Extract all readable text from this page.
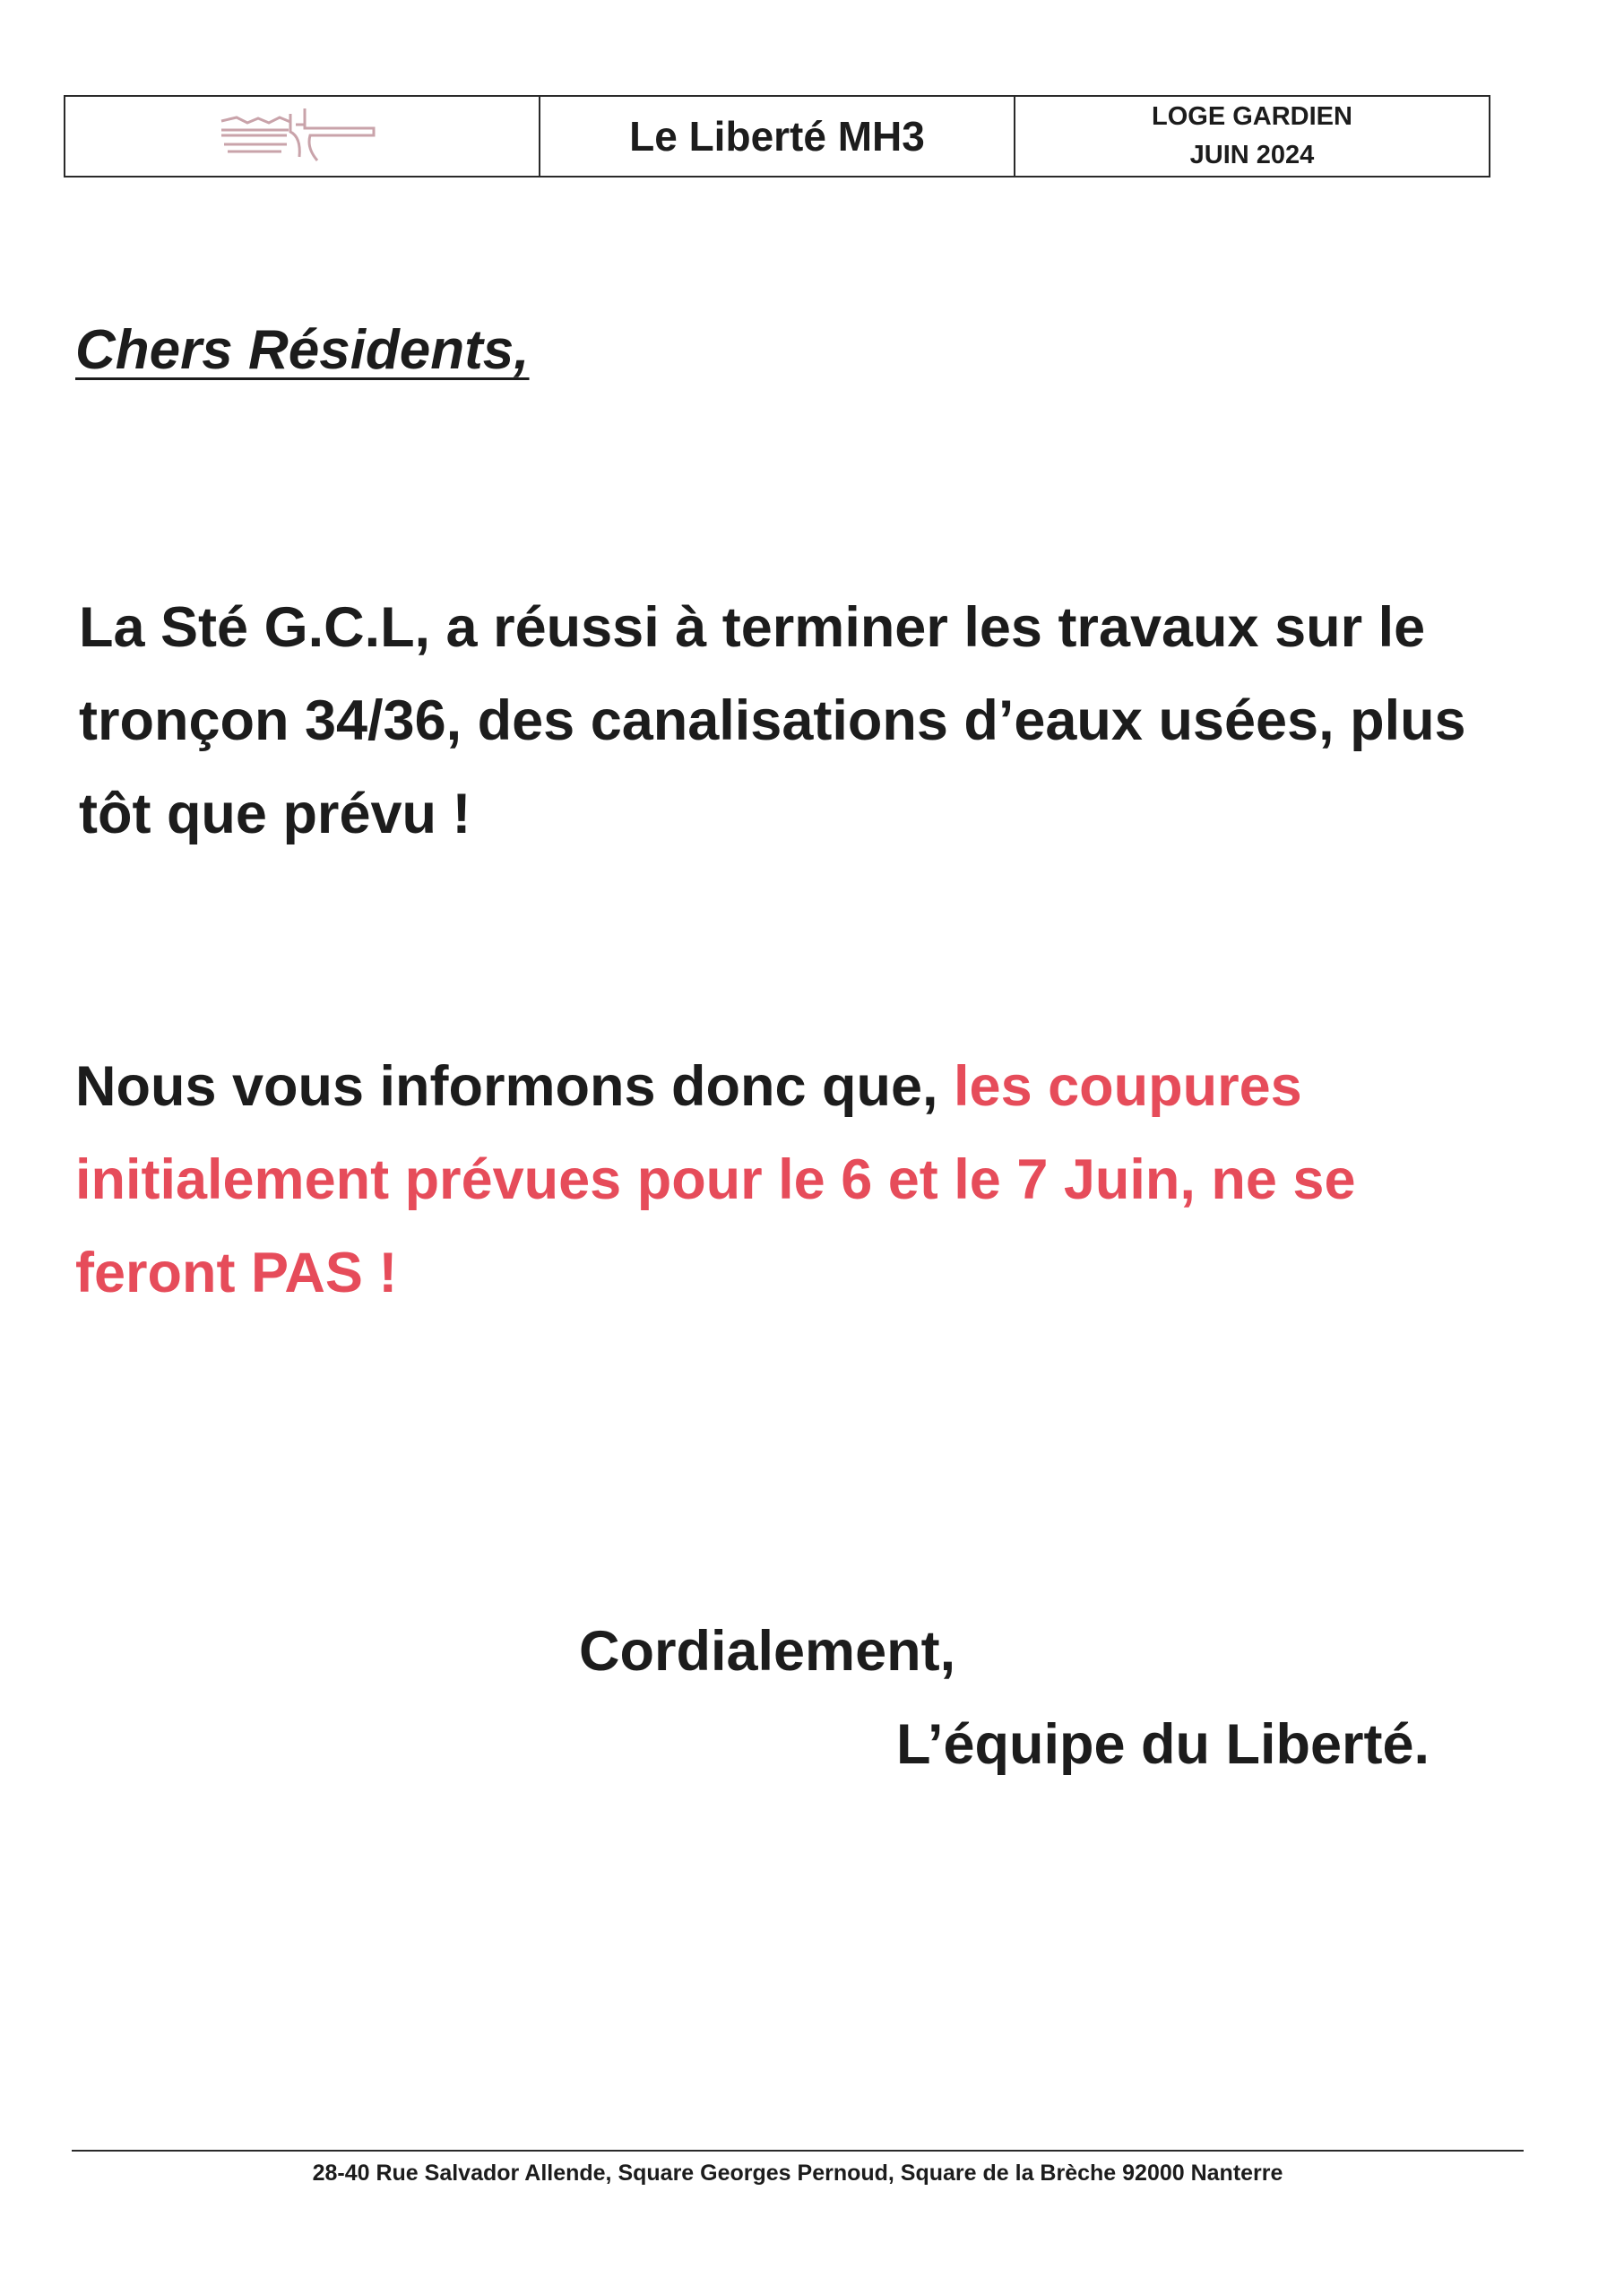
Le Liberté MH3	LOGE GARDIEN
JUIN 2024

Chers Résidents,

La Sté G.C.L, a réussi à terminer les travaux sur le tronçon 34/36, des canalisations d’eaux usées, plus tôt que prévu !

Nous vous informons donc que, les coupures initialement prévues pour le 6 et le 7 Juin, ne se feront PAS !

Cordialement,

L’équipe du Liberté.

28-40 Rue Salvador Allende, Square Georges Pernoud, Square de la Brèche 92000 Nanterre
